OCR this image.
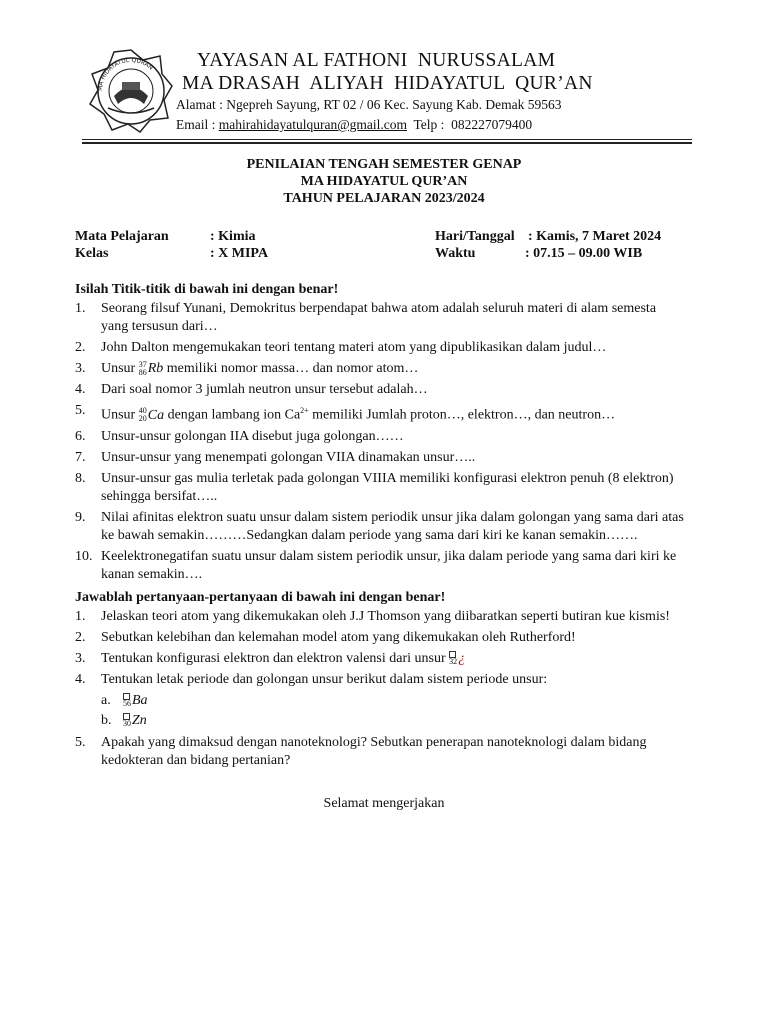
MA HIDAYATUL QURAN YAYASAN AL FATHONI  NURUSSALAM
MA DRASAH  ALIYAH  HIDAYATUL  QUR’AN
Alamat : Ngepreh Sayung, RT 02 / 06 Kec. Sayung Kab. Demak 59563
Email : mahirahidayatulquran@gmail.com  Telp :  082227079400
PENILAIAN TENGAH SEMESTER GENAP
MA HIDAYATUL QUR’AN
TAHUN PELAJARAN 2023/2024
Mata Pelajaran	: Kimia
Kelas	: X MIPA
Hari/Tanggal : Kamis, 7 Maret 2024
Waktu	: 07.15 – 09.00 WIB
Isilah Titik-titik di bawah ini dengan benar!
1. Seorang filsuf Yunani, Demokritus berpendapat bahwa atom adalah seluruh materi di alam semesta yang tersusun dari…
2. John Dalton mengemukakan teori tentang materi atom yang dipublikasikan dalam judul…
3. Unsur 37
86 Rb memiliki nomor massa… dan nomor atom…
4. Dari soal nomor 3 jumlah neutron unsur tersebut adalah…
5. Unsur 40
20 Ca dengan lambang ion $Ca^{2+}$ memiliki Jumlah proton…, elektron…, dan neutron…
6. Unsur-unsur golongan IIA disebut juga golongan……
7. Unsur-unsur yang menempati golongan VIIA dinamakan unsur…..
8. Unsur-unsur gas mulia terletak pada golongan VIIIA memiliki konfigurasi elektron penuh (8 elektron) sehingga bersifat…..
9. Nilai afinitas elektron suatu unsur dalam sistem periodik unsur jika dalam golongan yang sama dari atas ke bawah semakin………Sedangkan dalam periode yang sama dari kiri ke kanan semakin…….
10. Keelektronegatifan suatu unsur dalam sistem periodik unsur, jika dalam periode yang sama dari kiri ke kanan semakin….
Jawablah pertanyaan-pertanyaan di bawah ini dengan benar!
1. Jelaskan teori atom yang dikemukakan oleh J.J Thomson yang diibaratkan seperti butiran kue kismis!
2. Sebutkan kelebihan dan kelemahan model atom yang dikemukakan oleh Rutherford!
3. Tentukan konfigurasi elektron dan elektron valensi dari unsur 32 ¿
4. Tentukan letak periode dan golongan unsur berikut dalam sistem periode unsur:
a. 56 Ba
b. 30 Zn
5. Apakah yang dimaksud dengan nanoteknologi? Sebutkan penerapan nanoteknologi dalam bidang kedokteran dan bidang pertanian?
Selamat mengerjakan
